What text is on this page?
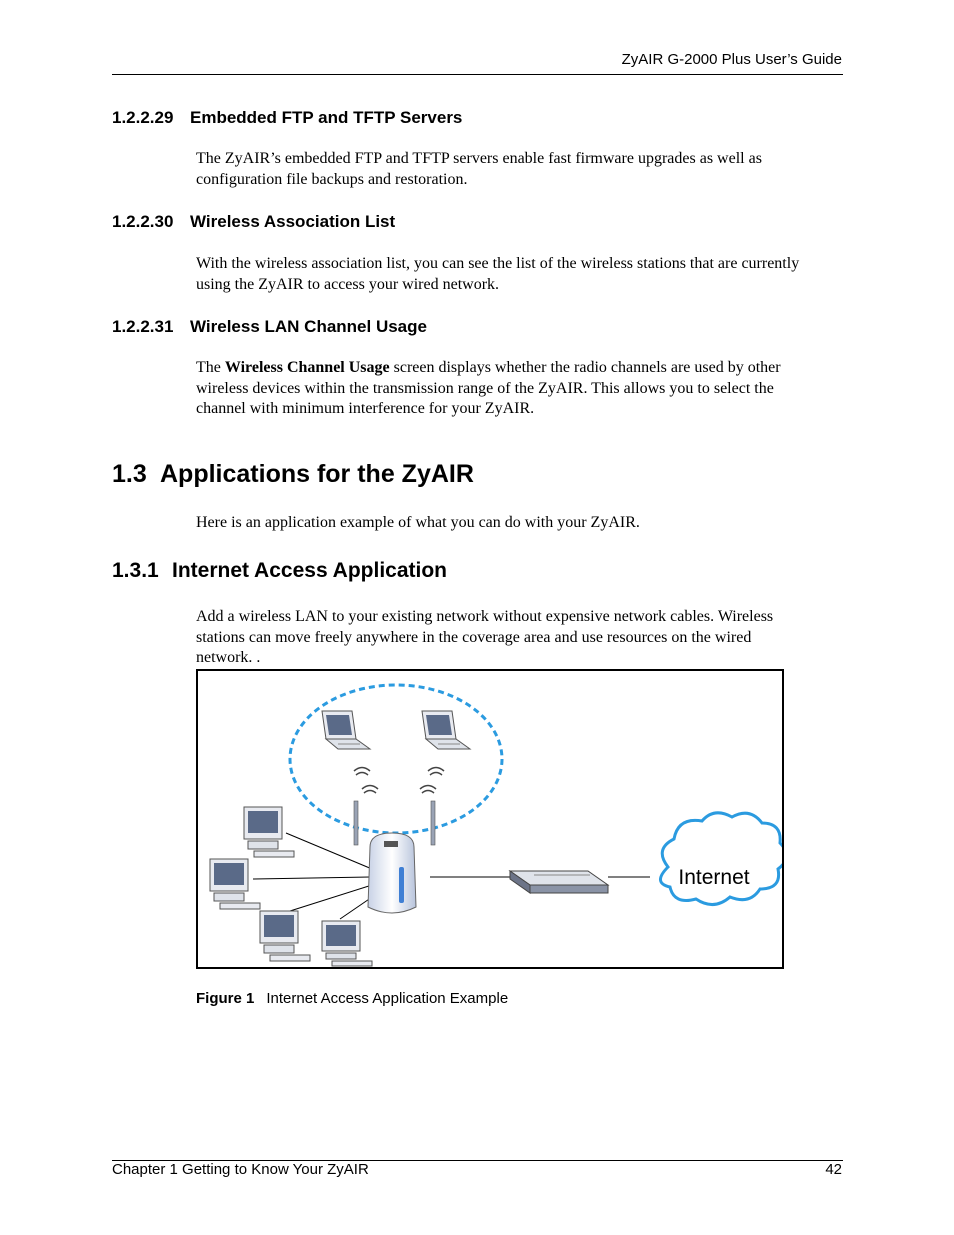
ZyAIR G-2000 Plus User’s Guide
1.2.2.29 Embedded FTP and TFTP Servers
The ZyAIR’s embedded FTP and TFTP servers enable fast firmware upgrades as well as
configuration file backups and restoration.
1.2.2.30 Wireless Association List
With the wireless association list, you can see the list of the wireless stations that are currently
using the ZyAIR to access your wired network.
1.2.2.31 Wireless LAN Channel Usage
The Wireless Channel Usage screen displays whether the radio channels are used by other
wireless devices within the transmission range of the ZyAIR. This allows you to select the
channel with minimum interference for your ZyAIR.
1.3 Applications for the ZyAIR
Here is an application example of what you can do with your ZyAIR.
1.3.1 Internet Access Application
Add a wireless LAN to your existing network without expensive network cables. Wireless
stations can move freely anywhere in the coverage area and use resources on the wired
network. .
Internet
Figure 1 Internet Access Application Example
Chapter 1 Getting to Know Your ZyAIR	42
